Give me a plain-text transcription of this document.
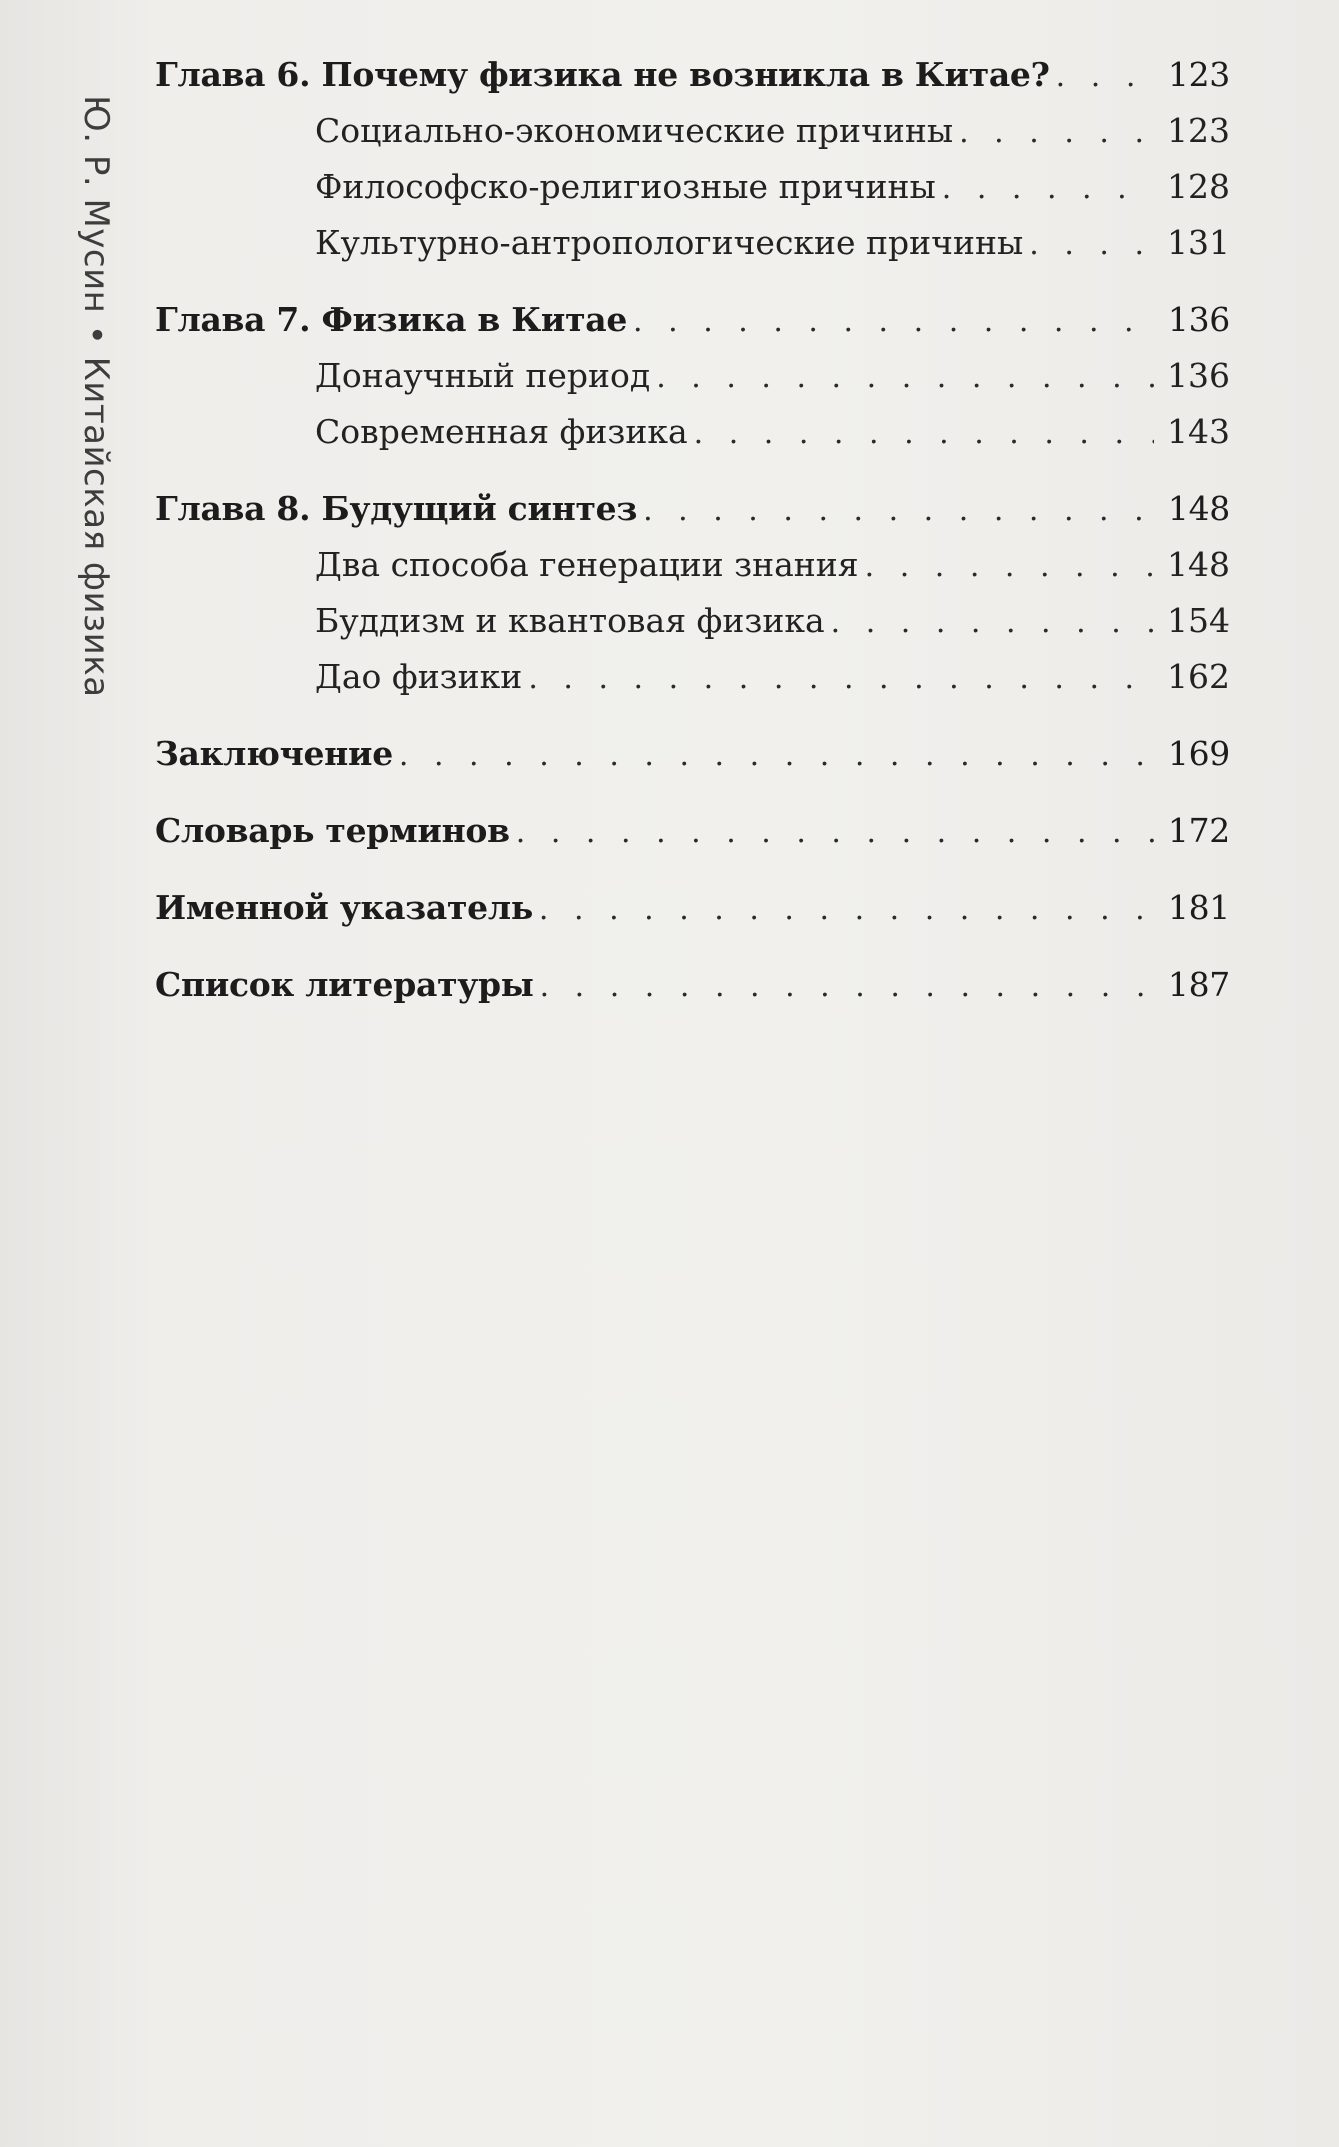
Ю. Р. Мусин • Китайская физика
Глава 6. Почему физика не возникла в Китае? . . .	123
Социально-экономические причины . . .	123
Философско-религиозные причины . . .	128
Культурно-антропологические причины . . .	131
Глава 7. Физика в Китае . . .	136
Донаучный период . . .	136
Современная физика . . .	143
Глава 8. Будущий синтез . . .	148
Два способа генерации знания . . .	148
Буддизм и квантовая физика . . .	154
Дао физики . . .	162
Заключение . . .	169
Словарь терминов . . .	172
Именной указатель . . .	181
Список литературы . . .	187
